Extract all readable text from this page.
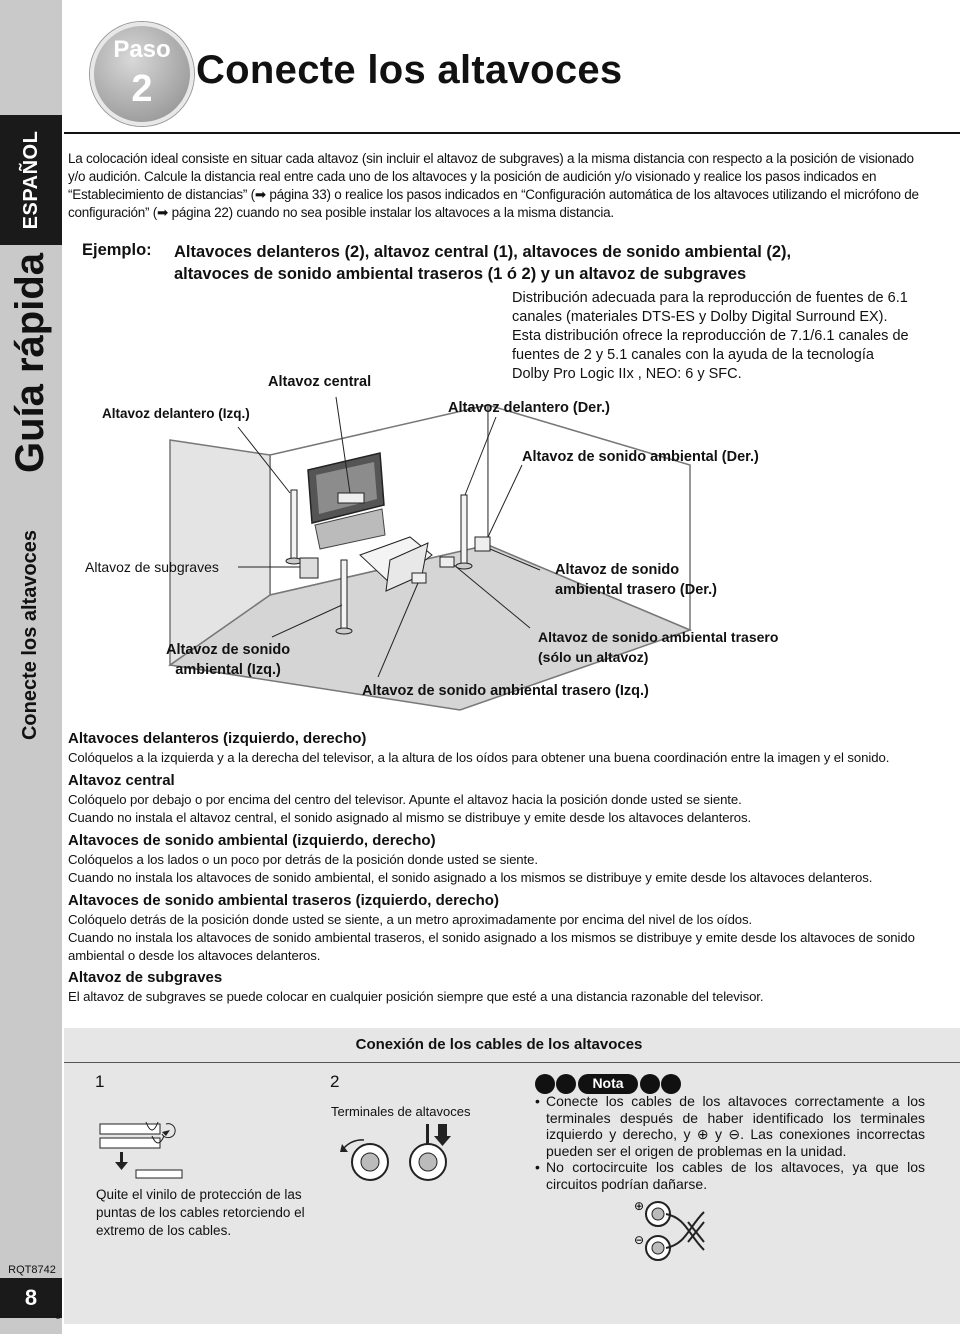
ESPAÑOL
Guía rápida
Conecte los altavoces
RQT8742
8
8
Paso
2	Conecte los altavoces
La colocación ideal consiste en situar cada altavoz (sin incluir el altavoz de subgraves) a la misma distancia con respecto a la posición de visionado y/o audición. Calcule la distancia real entre cada uno de los altavoces y la posición de audición y/o visionado y realice los pasos indicados en “Establecimiento de distancias” (➡ página 33) o realice los pasos indicados en “Configuración automática de los altavoces utilizando el micrófono de configuración” (➡ página 22) cuando no sea posible instalar los altavoces a la misma distancia.
Ejemplo: Altavoces delanteros (2), altavoz central (1), altavoces de sonido ambiental (2),
altavoces de sonido ambiental traseros (1 ó 2) y un altavoz de subgraves
Distribución adecuada para la reproducción de fuentes de 6.1 canales (materiales DTS-ES y Dolby Digital Surround EX). Esta distribución ofrece la reproducción de 7.1/6.1 canales de fuentes de 2 y 5.1 canales con la ayuda de la tecnología Dolby Pro Logic IIx , NEO: 6 y SFC.
Altavoz central
Altavoz delantero (Izq.)	Altavoz delantero (Der.)
Altavoz de sonido ambiental (Der.)
Altavoz de subgraves	Altavoz de sonido
ambiental trasero (Der.)
Altavoz de sonido ambiental trasero
(sólo un altavoz)
Altavoz de sonido
ambiental (Izq.)
Altavoz de sonido ambiental trasero (Izq.)
Altavoces delanteros (izquierdo, derecho)
Colóquelos a la izquierda y a la derecha del televisor, a la altura de los oídos para obtener una buena coordinación entre la imagen y el sonido.
Altavoz central
Colóquelo por debajo o por encima del centro del televisor. Apunte el altavoz hacia la posición donde usted se siente.
Cuando no instala el altavoz central, el sonido asignado al mismo se distribuye y emite desde los altavoces delanteros.
Altavoces de sonido ambiental (izquierdo, derecho)
Colóquelos a los lados o un poco por detrás de la posición donde usted se siente.
Cuando no instala los altavoces de sonido ambiental, el sonido asignado a los mismos se distribuye y emite desde los altavoces delanteros.
Altavoces de sonido ambiental traseros (izquierdo, derecho)
Colóquelo detrás de la posición donde usted se siente, a un metro aproximadamente por encima del nivel de los oídos.
Cuando no instala los altavoces de sonido ambiental traseros, el sonido asignado a los mismos se distribuye y emite desde los altavoces de sonido ambiental o desde los altavoces delanteros.
Altavoz de subgraves
El altavoz de subgraves se puede colocar en cualquier posición siempre que esté a una distancia razonable del televisor.
Conexión de los cables de los altavoces
1
Quite el vinilo de protección de las puntas de los cables retorciendo el extremo de los cables.
2
Terminales de altavoces
Nota
• Conecte los cables de los altavoces correctamente a los terminales después de haber identificado los terminales izquierdo y derecho, y ⊕ y ⊖. Las conexiones incorrectas pueden ser el origen de problemas en la unidad.
• No cortocircuite los cables de los altavoces, ya que los circuitos podrían dañarse.
⊕
⊖
